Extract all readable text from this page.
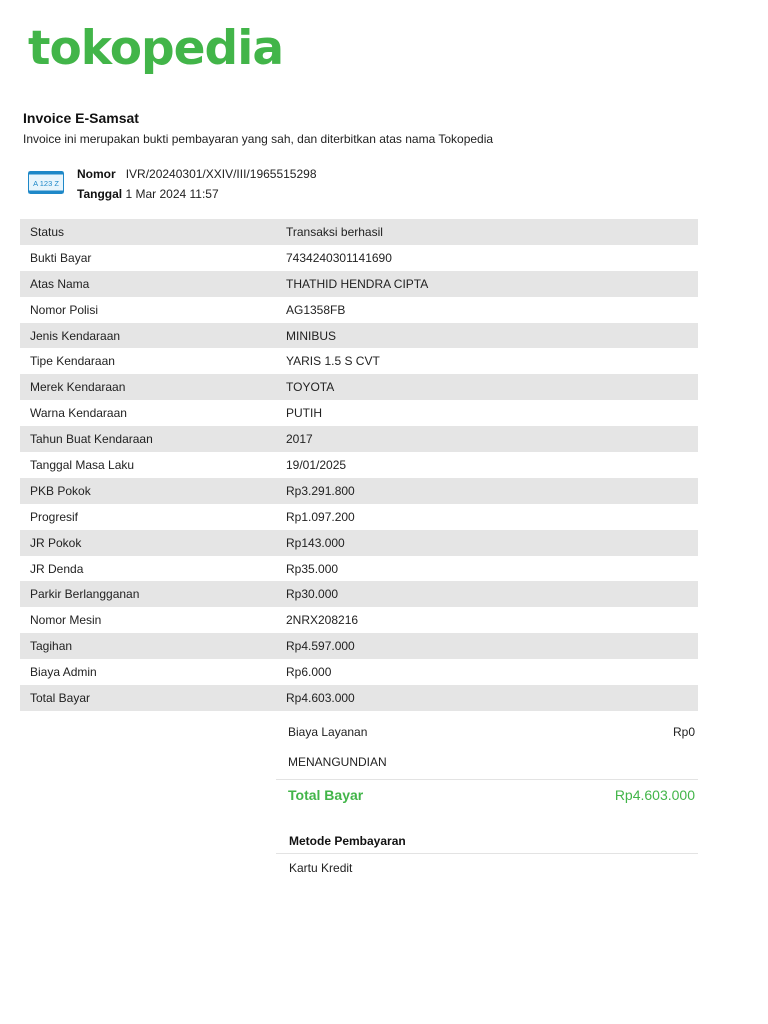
tokopedia
Invoice E-Samsat
Invoice ini merupakan bukti pembayaran yang sah, dan diterbitkan atas nama Tokopedia
A 123 Z
Nomor IVR/20240301/XXIV/III/1965515298
Tanggal 1 Mar 2024 11:57
Status	Transaksi berhasil
Bukti Bayar	7434240301141690
Atas Nama	THATHID HENDRA CIPTA
Nomor Polisi	AG1358FB
Jenis Kendaraan	MINIBUS
Tipe Kendaraan	YARIS 1.5 S CVT
Merek Kendaraan	TOYOTA
Warna Kendaraan	PUTIH
Tahun Buat Kendaraan	2017
Tanggal Masa Laku	19/01/2025
PKB Pokok	Rp3.291.800
Progresif	Rp1.097.200
JR Pokok	Rp143.000
JR Denda	Rp35.000
Parkir Berlangganan	Rp30.000
Nomor Mesin	2NRX208216
Tagihan	Rp4.597.000
Biaya Admin	Rp6.000
Total Bayar	Rp4.603.000
Biaya Layanan	Rp0
MENANGUNDIAN
Total Bayar	Rp4.603.000
Metode Pembayaran
Kartu Kredit
